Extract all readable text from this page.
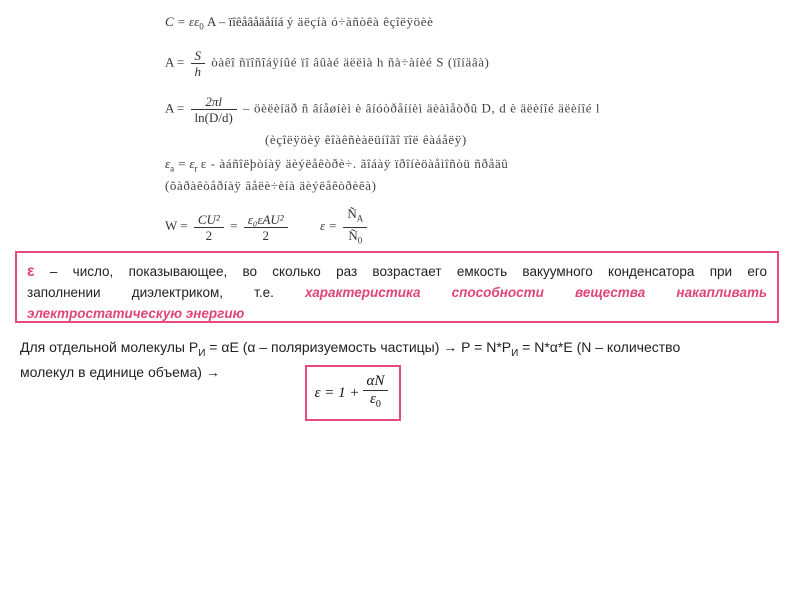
$C = \varepsilon\varepsilon_0$ A – ïîêåâåäåííá ý äëçíà ó÷àñòêà êçîëÿöèè
$A = \frac{S}{h}$ òàêî ñïîñîáÿíûé ïî âûàé äëëìà h ñà÷àíèé S (ïîíäâà)
$A = \frac{2\pi l}{\ln(D/d)}$ – öèëèíäð ñ âíåøíèì è âíóòðåííèì äèàìåòðû D, d è äëèíîé äëèíîé l
(èçîëÿöèÿ êîàêñèàëüíîãî ïîë êàáåëÿ)
$\varepsilon_a = \varepsilon_r$ ε - àáñîëþòíàÿ äèýëåêòðè÷. ãîáàÿ ïðîíèöàåìîñòü ñðåäû
(õàðàêòåðíàÿ âåëè÷èíà äèýëåêòðèêà)
$W = \frac{\text{CU²}}{2} = \frac{\text{ε₀εAU²}}{2}$ $\varepsilon = \frac{Ñ_A}{Ñ_0}$
ε – число, показывающее, во сколько раз возрастает емкость вакуумного конденсатора при его
заполнении диэлектриком, т.е. характеристика способности вещества накапливать
электростатическую энергию
Для отдельной молекулы $P_И = \alpha E$ (α – поляризуемость частицы) → $P = N*P_И = N*\alpha*E$ (N – количество
молекул в единице объема) →
$\varepsilon = 1 + \frac{\alpha N}{\varepsilon_0}$
